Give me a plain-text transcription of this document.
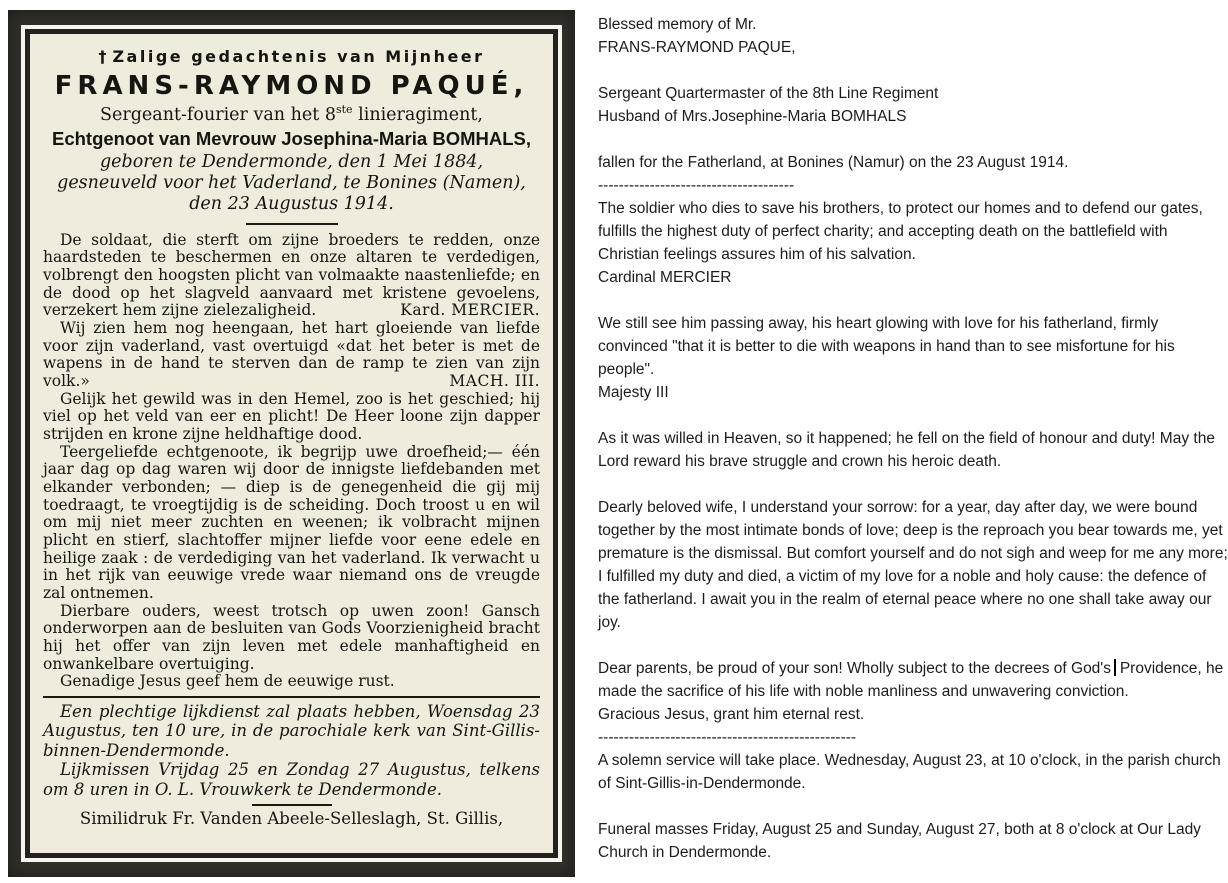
† Zalige gedachtenis van Mijnheer
FRANS-RAYMOND PAQUÉ,
Sergeant-fourier van het 8ste linieragiment,
Echtgenoot van Mevrouw Josephina-Maria BOMHALS,
geboren te Dendermonde, den 1 Mei 1884,
gesneuveld voor het Vaderland, te Bonines (Namen),
den 23 Augustus 1914.

De soldaat, die sterft om zijne broeders te redden, onze haardsteden te beschermen en onze altaren te verdedigen, volbrengt den hoogsten plicht van volmaakte naastenliefde; en de dood op het slagveld aanvaard met kristene gevoelens, verzekert hem zijne zielezaligheid.	Kard. MERCIER.

Wij zien hem nog heengaan, het hart gloeiende van liefde voor zijn vaderland, vast overtuigd «dat het beter is met de wapens in de hand te sterven dan de ramp te zien van zijn volk.»	MACH. III.

Gelijk het gewild was in den Hemel, zoo is het geschied; hij viel op het veld van eer en plicht! De Heer loone zijn dapper strijden en krone zijne heldhaftige dood.

Teergeliefde echtgenoote, ik begrijp uwe droefheid;— één jaar dag op dag waren wij door de innigste liefdebanden met elkander verbonden; — diep is de genegenheid die gij mij toedraagt, te vroegtijdig is de scheiding. Doch troost u en wil om mij niet meer zuchten en weenen; ik volbracht mijnen plicht en stierf, slachtoffer mijner liefde voor eene edele en heilige zaak : de verdediging van het vaderland. Ik verwacht u in het rijk van eeuwige vrede waar niemand ons de vreugde zal ontnemen.

Dierbare ouders, weest trotsch op uwen zoon! Gansch onderworpen aan de besluiten van Gods Voorzienigheid bracht hij het offer van zijn leven met edele manhaftigheid en onwankelbare overtuiging.

Genadige Jesus geef hem de eeuwige rust.

Een plechtige lijkdienst zal plaats hebben, Woensdag 23 Augustus, ten 10 ure, in de parochiale kerk van Sint-Gillis-binnen-Dendermonde.

Lijkmissen Vrijdag 25 en Zondag 27 Augustus, telkens om 8 uren in O. L. Vrouwkerk te Dendermonde.

Similidruk Fr. Vanden Abeele-Selleslagh, St. Gillis,

Blessed memory of Mr.

FRANS-RAYMOND PAQUE,

Sergeant Quartermaster of the 8th Line Regiment

Husband of Mrs.Josephine-Maria BOMHALS

fallen for the Fatherland, at Bonines (Namur) on the 23 August 1914.

--------------------------------------

The soldier who dies to save his brothers, to protect our homes and to defend our gates, fulfills the highest duty of perfect charity; and accepting death on the battlefield with Christian feelings assures him of his salvation.

Cardinal MERCIER

We still see him passing away, his heart glowing with love for his fatherland, firmly convinced "that it is better to die with weapons in hand than to see misfortune for his people".

Majesty III

As it was willed in Heaven, so it happened; he fell on the field of honour and duty! May the Lord reward his brave struggle and crown his heroic death.

Dearly beloved wife, I understand your sorrow: for a year, day after day, we were bound together by the most intimate bonds of love; deep is the reproach you bear towards me, yet premature is the dismissal. But comfort yourself and do not sigh and weep for me any more; I fulfilled my duty and died, a victim of my love for a noble and holy cause: the defence of the fatherland. I await you in the realm of eternal peace where no one shall take away our joy.

Dear parents, be proud of your son! Wholly subject to the decrees of God's Providence, he made the sacrifice of his life with noble manliness and unwavering conviction.

Gracious Jesus, grant him eternal rest.

--------------------------------------------------

A solemn service will take place. Wednesday, August 23, at 10 o'clock, in the parish church of Sint-Gillis-in-Dendermonde.

Funeral masses Friday, August 25 and Sunday, August 27, both at 8 o'clock at Our Lady Church in Dendermonde.
